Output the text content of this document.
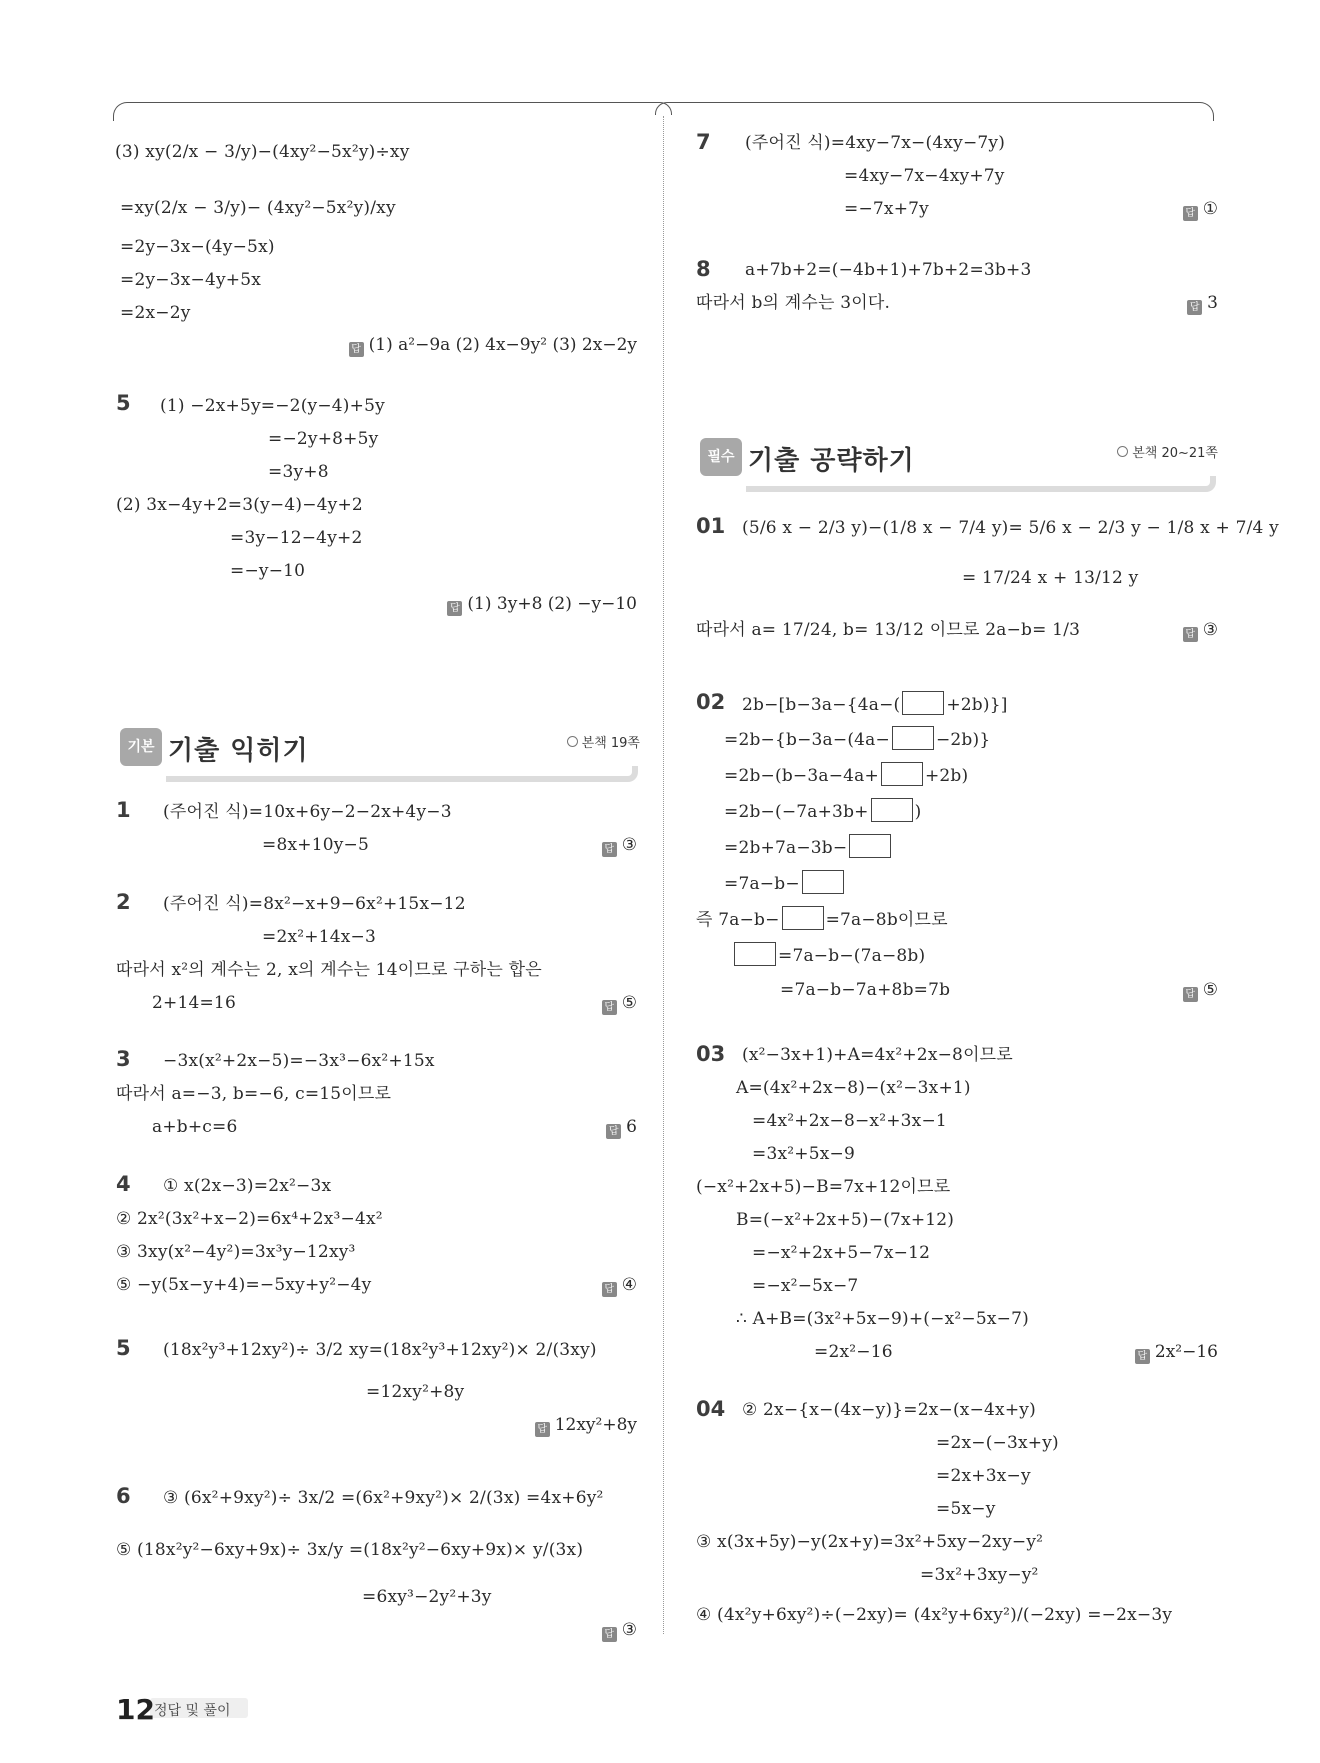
(3) xy(2/x − 3/y)−(4xy²−5x²y)÷xy
=xy(2/x − 3/y)− (4xy²−5x²y)/xy
=2y−3x−(4y−5x)
=2y−3x−4y+5x
=2x−2y
답 (1) a²−9a (2) 4x−9y² (3) 2x−2y
5 (1) −2x+5y=−2(y−4)+5y
=−2y+8+5y
=3y+8
(2) 3x−4y+2=3(y−4)−4y+2
=3y−12−4y+2
=−y−10
답 (1) 3y+8 (2) −y−10
기본 기출 익히기	본책 19쪽
1 (주어진 식)=10x+6y−2−2x+4y−3
=8x+10y−5	답 ③
2 (주어진 식)=8x²−x+9−6x²+15x−12
=2x²+14x−3
따라서 x²의 계수는 2, x의 계수는 14이므로 구하는 합은
2+14=16	답 ⑤
3 −3x(x²+2x−5)=−3x³−6x²+15x
따라서 a=−3, b=−6, c=15이므로
a+b+c=6	답 6
4 ① x(2x−3)=2x²−3x
② 2x²(3x²+x−2)=6x⁴+2x³−4x²
③ 3xy(x²−4y²)=3x³y−12xy³
⑤ −y(5x−y+4)=−5xy+y²−4y	답 ④
5 (18x²y³+12xy²)÷ 3/2 xy=(18x²y³+12xy²)× 2/(3xy)
=12xy²+8y
답 12xy²+8y
6 ③ (6x²+9xy²)÷ 3x/2 =(6x²+9xy²)× 2/(3x) =4x+6y²
⑤ (18x²y²−6xy+9x)÷ 3x/y =(18x²y²−6xy+9x)× y/(3x)
=6xy³−2y²+3y
답 ③
7 (주어진 식)=4xy−7x−(4xy−7y)
=4xy−7x−4xy+7y
=−7x+7y	답 ①
8 a+7b+2=(−4b+1)+7b+2=3b+3
따라서 b의 계수는 3이다.	답 3
필수 기출 공략하기	본책 20~21쪽
01 (5/6 x − 2/3 y)−(1/8 x − 7/4 y)= 5/6 x − 2/3 y − 1/8 x + 7/4 y
= 17/24 x + 13/12 y
따라서 a= 17/24, b= 13/12 이므로 2a−b= 1/3	답 ③
02 2b−[b−3a−{4a−(	+2b)}]
=2b−{b−3a−(4a−	−2b)}
=2b−(b−3a−4a+	+2b)
=2b−(−7a+3b+	)
=2b+7a−3b−
=7a−b−
즉 7a−b−	=7a−8b이므로
=7a−b−(7a−8b)
=7a−b−7a+8b=7b	답 ⑤
03 (x²−3x+1)+A=4x²+2x−8이므로
A=(4x²+2x−8)−(x²−3x+1)
=4x²+2x−8−x²+3x−1
=3x²+5x−9
(−x²+2x+5)−B=7x+12이므로
B=(−x²+2x+5)−(7x+12)
=−x²+2x+5−7x−12
=−x²−5x−7
∴ A+B=(3x²+5x−9)+(−x²−5x−7)
=2x²−16	답 2x²−16
04 ② 2x−{x−(4x−y)}=2x−(x−4x+y)
=2x−(−3x+y)
=2x+3x−y
=5x−y
③ x(3x+5y)−y(2x+y)=3x²+5xy−2xy−y²
=3x²+3xy−y²
④ (4x²y+6xy²)÷(−2xy)= (4x²y+6xy²)/(−2xy) =−2x−3y
12 정답 및 풀이
